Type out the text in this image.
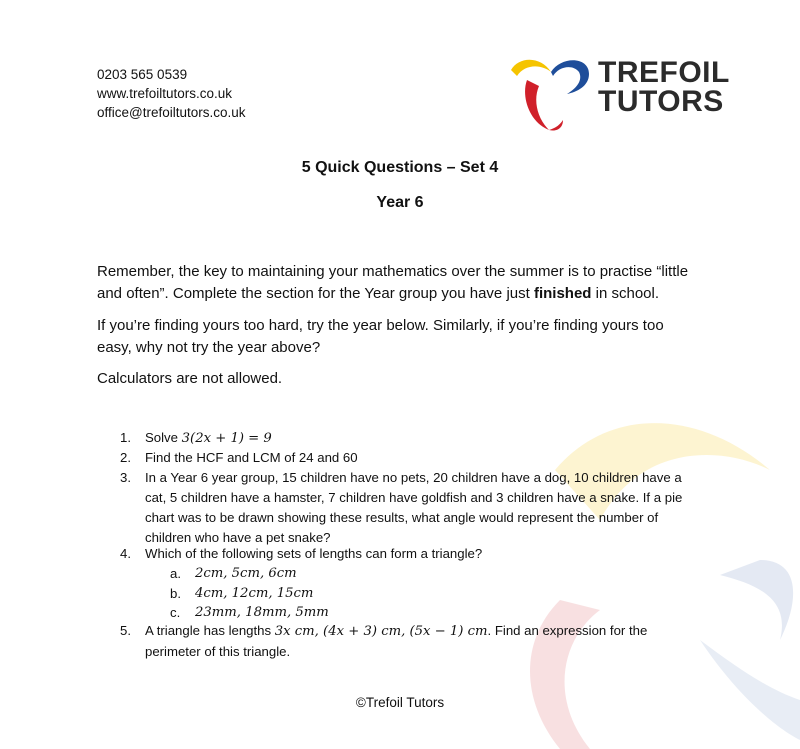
0203 565 0539
www.trefoiltutors.co.uk
office@trefoiltutors.co.uk
TREFOIL
TUTORS
5 Quick Questions – Set 4
Year 6
Remember, the key to maintaining your mathematics over the summer is to practise “little and often”. Complete the section for the Year group you have just finished in school.
If you’re finding yours too hard, try the year below. Similarly, if you’re finding yours too easy, why not try the year above?
Calculators are not allowed.
1. Solve 3(2x + 1) = 9
2. Find the HCF and LCM of 24 and 60
3. In a Year 6 year group, 15 children have no pets, 20 children have a dog, 10 children have a cat, 5 children have a hamster, 7 children have goldfish and 3 children have a snake. If a pie chart was to be drawn showing these results, what angle would represent the number of children who have a pet snake?
4. Which of the following sets of lengths can form a triangle?
a. 2cm, 5cm, 6cm
b. 4cm, 12cm, 15cm
c. 23mm, 18mm, 5mm
5. A triangle has lengths 3x cm, (4x + 3) cm, (5x − 1) cm. Find an expression for the perimeter of this triangle.
©Trefoil Tutors
